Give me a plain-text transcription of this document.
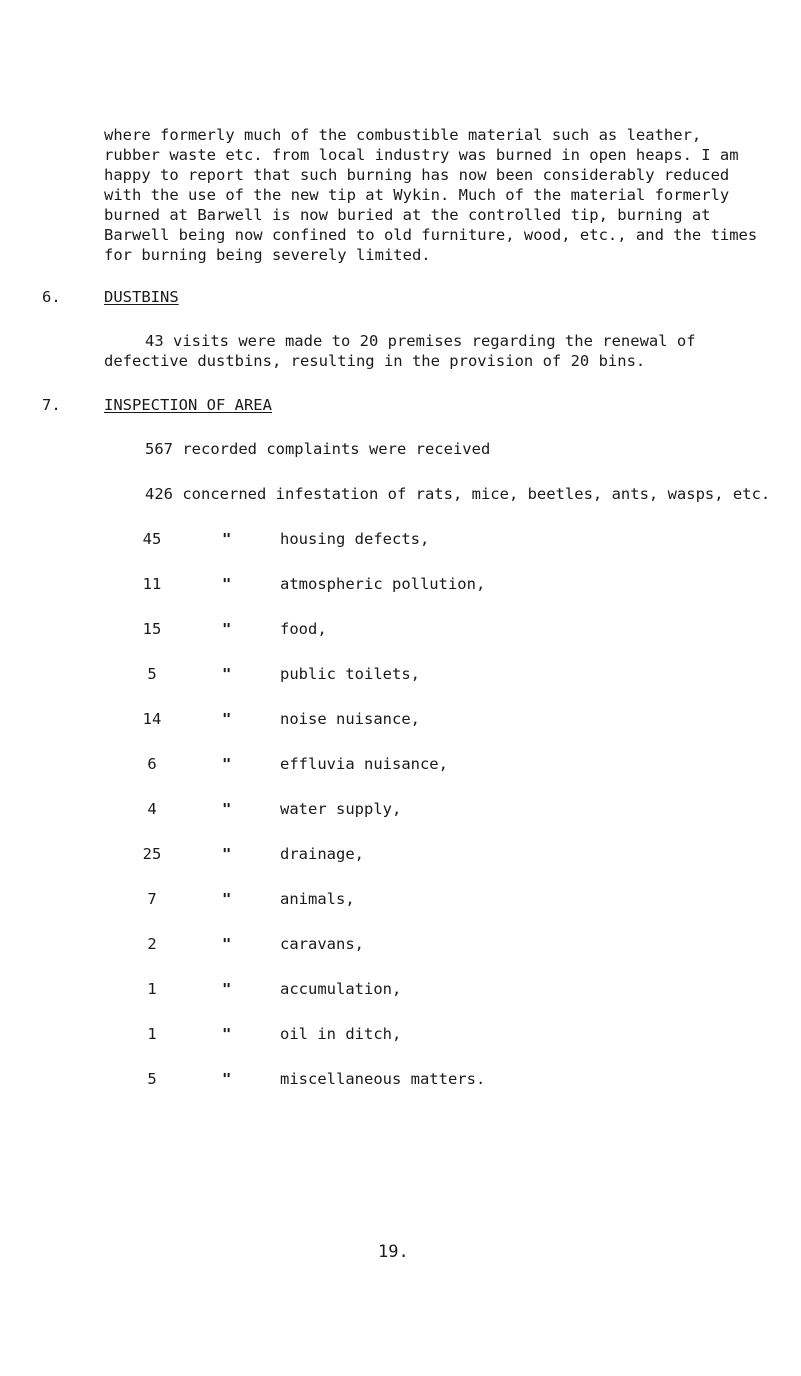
where formerly much of the combustible material such as leather,
rubber waste etc. from local industry was burned in open heaps. I am
happy to report that such burning has now been considerably reduced
with the use of the new tip at Wykin. Much of the material formerly
burned at Barwell is now buried at the controlled tip, burning at
Barwell being now confined to old furniture, wood, etc., and the times
for burning being severely limited.
6.	DUSTBINS
43 visits were made to 20 premises regarding the renewal of
defective dustbins, resulting in the provision of 20 bins.
7.	INSPECTION OF AREA
567 recorded complaints were received
426 concerned infestation of rats, mice, beetles, ants, wasps, etc.
45	"	housing defects,
11	"	atmospheric pollution,
15	"	food,
5	"	public toilets,
14	"	noise nuisance,
6	"	effluvia nuisance,
4	"	water supply,
25	"	drainage,
7	"	animals,
2	"	caravans,
1	"	accumulation,
1	"	oil in ditch,
5	"	miscellaneous matters.
19.
